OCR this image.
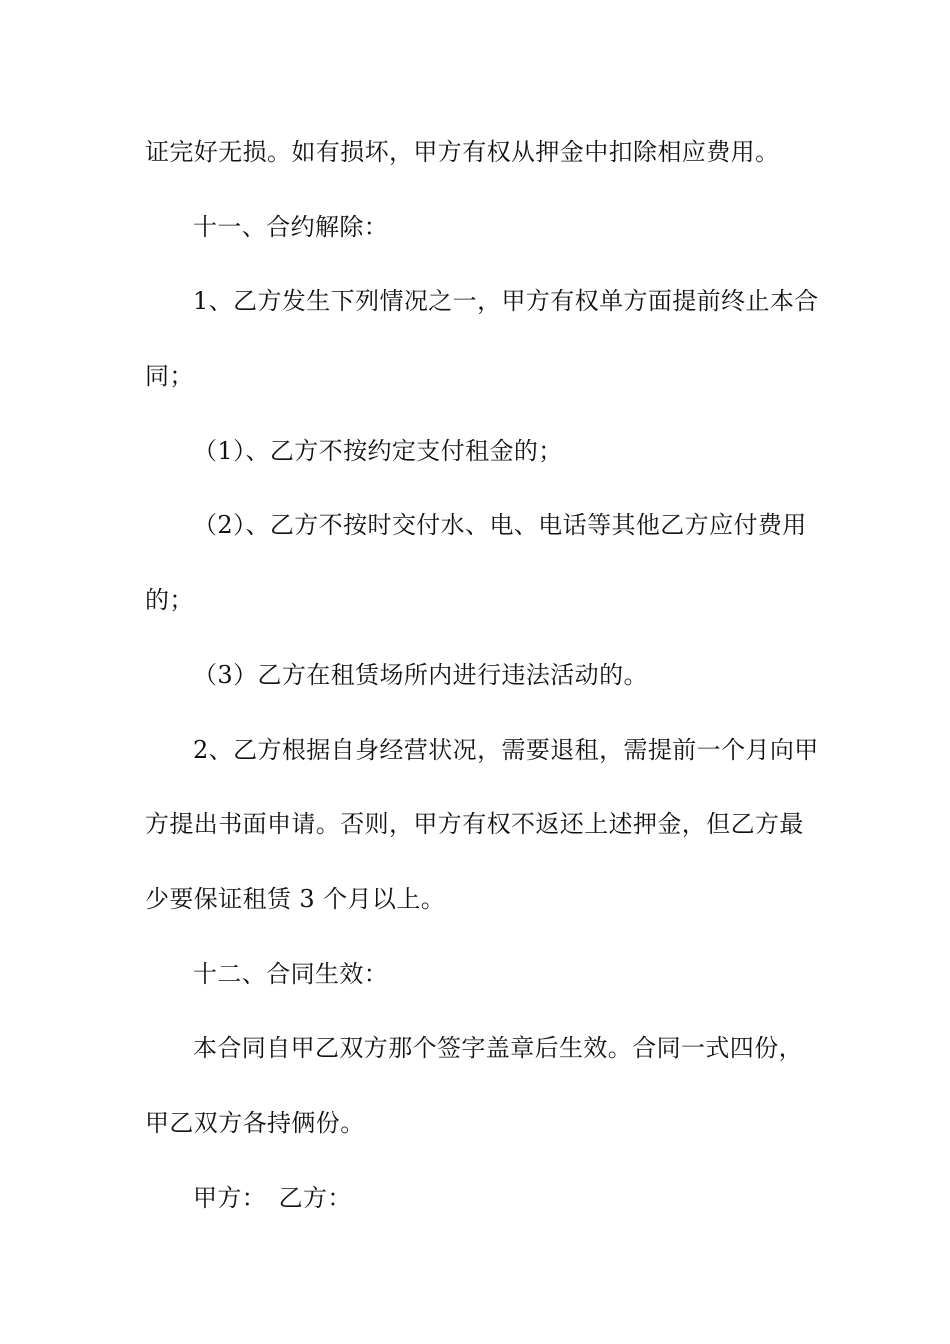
证完好无损。如有损坏，甲方有权从押金中扣除相应费用。
十一、合约解除：
1、乙方发生下列情况之一，甲方有权单方面提前终止本合
同；
（1）、乙方不按约定支付租金的；
（2）、乙方不按时交付水、电、电话等其他乙方应付费用
的；
（3）乙方在租赁场所内进行违法活动的。
2、乙方根据自身经营状况，需要退租，需提前一个月向甲
方提出书面申请。否则，甲方有权不返还上述押金，但乙方最
少要保证租赁 3 个月以上。
十二、合同生效：
本合同自甲乙双方那个签字盖章后生效。合同一式四份，
甲乙双方各持俩份。
甲方：　乙方：
